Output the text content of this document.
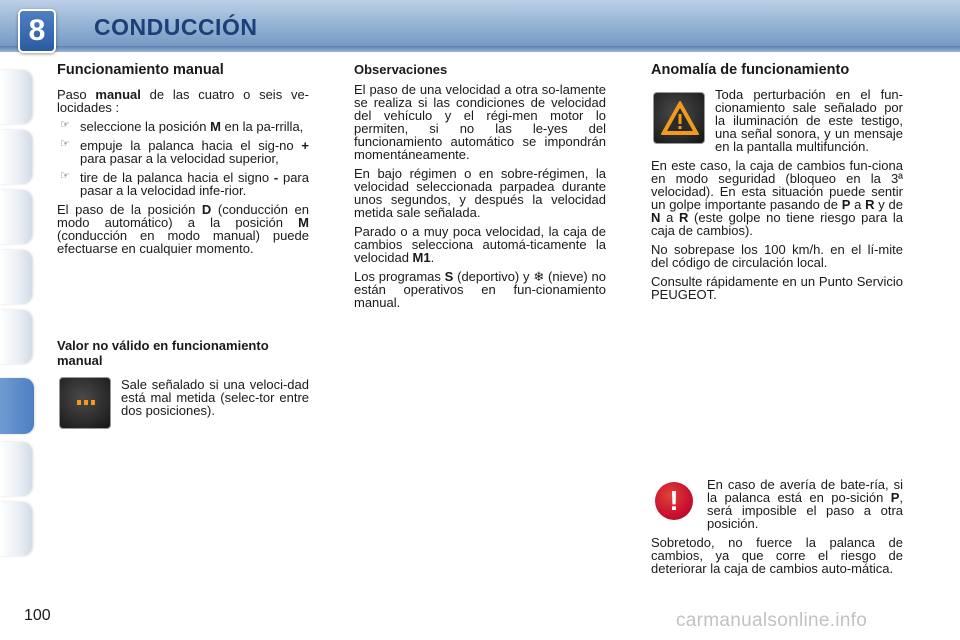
8	CONDUCCIÓN
Funcionamiento manual

Paso manual de las cuatro o seis ve-locidades :

☞ seleccione la posición M en la pa-rrilla,
☞ empuje la palanca hacia el sig-no + para pasar a la velocidad superior,
☞ tire de la palanca hacia el signo - para pasar a la velocidad infe-rior.

El paso de la posición D (conducción en modo automático) a la posición M (conducción en modo manual) puede efectuarse en cualquier momento.

Valor no válido en funcionamiento manual
Sale señalado si una veloci-dad está mal metida (selec-tor entre dos posiciones).
Observaciones

El paso de una velocidad a otra so-lamente se realiza si las condiciones de velocidad del vehículo y el régi-men motor lo permiten, si no las le-yes del funcionamiento automático se impondrán momentáneamente.

En bajo régimen o en sobre-régimen, la velocidad seleccionada parpadea durante unos segundos, y después la velocidad metida sale señalada.

Parado o a muy poca velocidad, la caja de cambios selecciona automá-ticamente la velocidad M1.

Los programas S (deportivo) y ❄ (nieve) no están operativos en fun-cionamiento manual.

Anomalía de funcionamiento

Toda perturbación en el fun-cionamiento sale señalado por la iluminación de este testigo, una señal sonora, y un mensaje en la pantalla multifunción.

En este caso, la caja de cambios fun-ciona en modo seguridad (bloqueo en la 3ª velocidad). En esta situación puede sentir un golpe importante pasando de P a R y de N a R (este golpe no tiene riesgo para la caja de cambios).

No sobrepase los 100 km/h. en el lí-mite del código de circulación local.

Consulte rápidamente en un Punto Servicio PEUGEOT.

!

En caso de avería de bate-ría, si la palanca está en po-sición P, será imposible el paso a otra posición.

Sobretodo, no fuerce la palanca de cambios, ya que corre el riesgo de deteriorar la caja de cambios auto-mática.

100	carmanualsonline.info
